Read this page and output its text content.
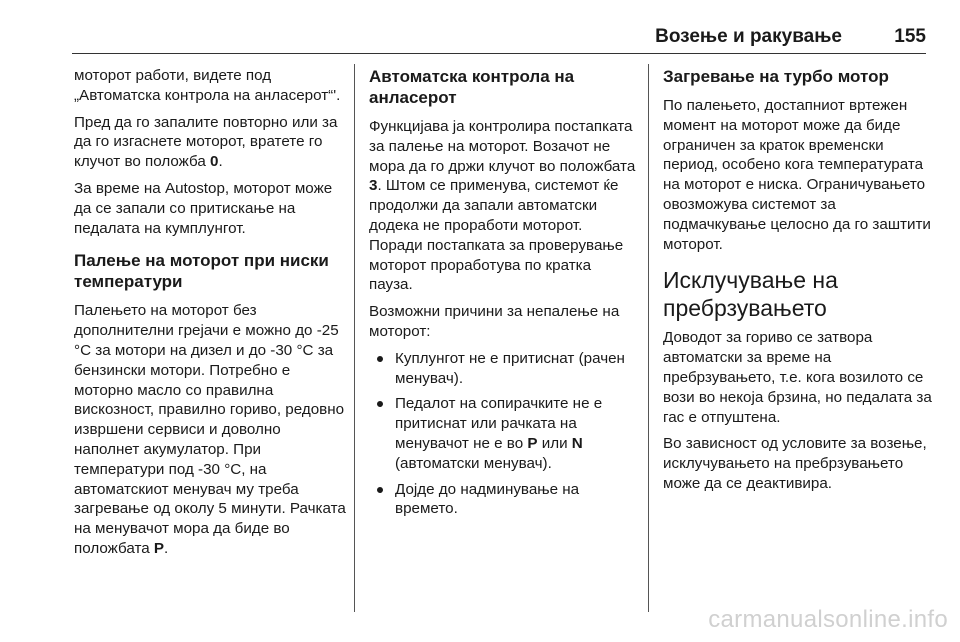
Возење и ракување	155

моторот работи, видете под „Автоматска контрола на анласерот“'.

Пред да го запалите повторно или за да го изгаснете моторот, вратете го клучот во положба 0.

За време на Autostop, моторот може да се запали со притискање на педалата на кумплунгот.

Палење на моторот при ниски температури

Палењето на моторот без дополнителни грејачи е можно до -25 °C за мотори на дизел и до -30 °C за бензински мотори. Потребно е моторно масло со правилна вискозност, правилно гориво, редовно извршени сервиси и доволно наполнет акумулатор. При температури под -30 °C, на автоматскиот менувач му треба загревање од околу 5 минути. Рачката на менувачот мора да биде во положбата P.

Автоматска контрола на анласерот

Функцијава ја контролира постапката за палење на моторот. Возачот не мора да го држи клучот во положбата 3. Штом се применува, системот ќе продолжи да запали автоматски додека не проработи моторот. Поради постапката за проверување моторот проработува по кратка пауза.

Возможни причини за непалење на моторот:

Куплунгот не е притиснат (рачен менувач).
Педалот на сопирачките не е притиснат или рачката на менувачот не е во P или N (автоматски менувач).
Дојде до надминување на времето.
Загревање на турбо мотор

По палењето, достапниот вртежен момент на моторот може да биде ограничен за краток временски период, особено кога температурата на моторот е ниска. Ограничувањето овозможува системот за подмачкување целосно да го заштити моторот.

Исклучување на пребрзувањето

Доводот за гориво се затвора автоматски за време на пребрзувањето, т.е. кога возилото се вози во некоја брзина, но педалата за гас е отпуштена.

Во зависност од условите за возење, исклучувањето на пребрзувањето може да се деактивира.

carmanualsonline.info
